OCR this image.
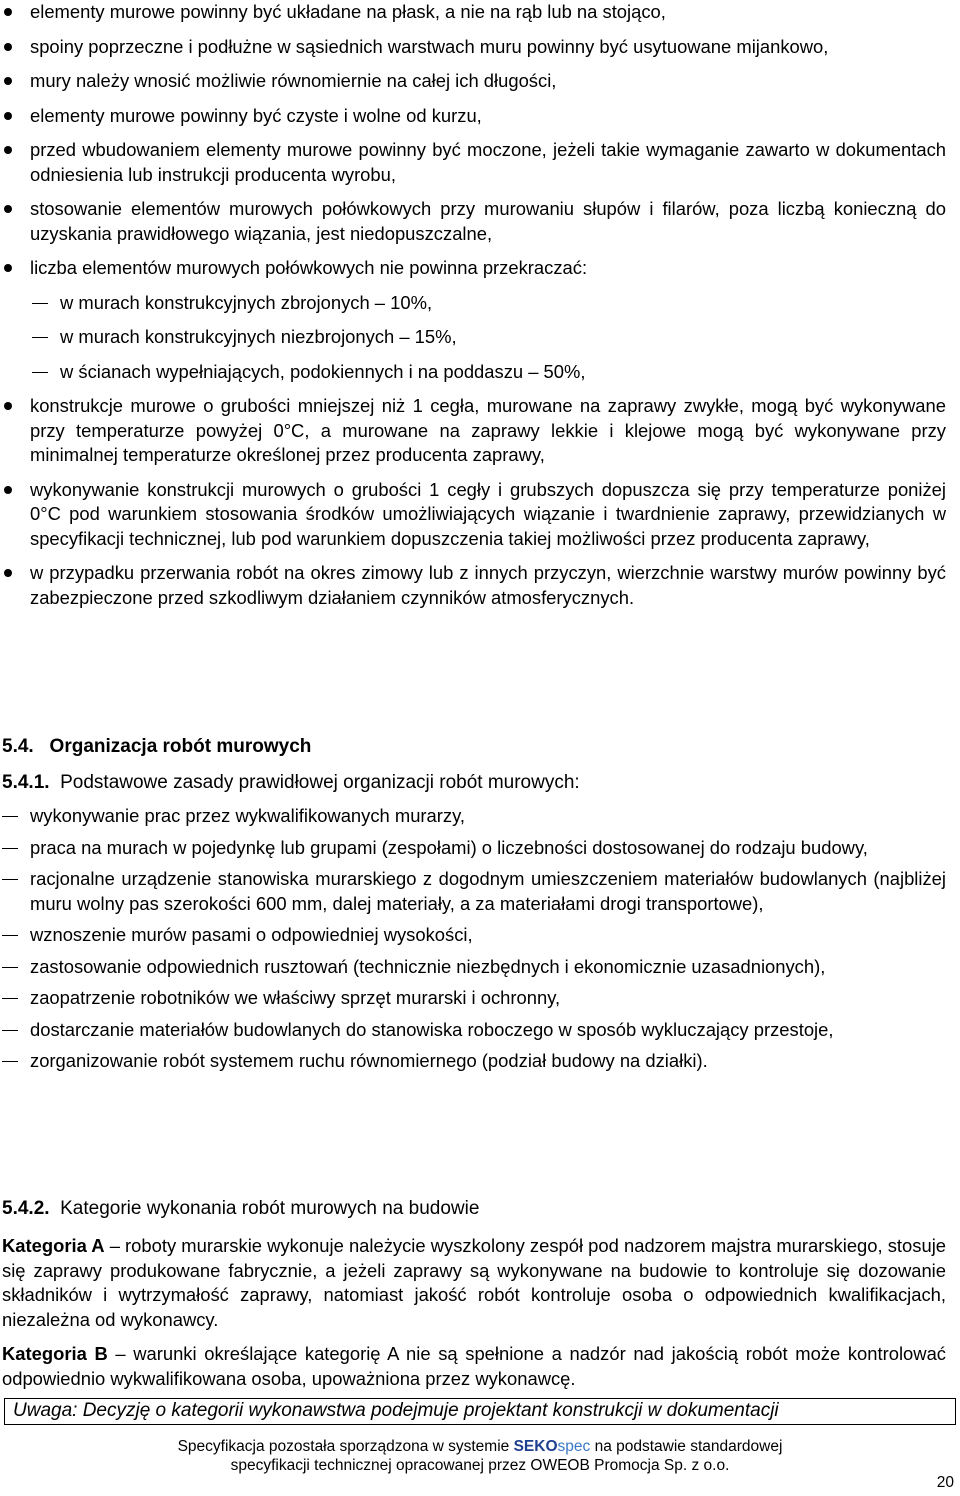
elementy murowe powinny być układane na płask, a nie na rąb lub na stojąco,
spoiny poprzeczne i podłużne w sąsiednich warstwach muru powinny być usytuowane mijankowo,
mury należy wnosić możliwie równomiernie na całej ich długości,
elementy murowe powinny być czyste i wolne od kurzu,
przed wbudowaniem elementy murowe powinny być moczone, jeżeli takie wymaganie zawarto w dokumentach odniesienia lub instrukcji producenta wyrobu,
stosowanie elementów murowych połówkowych przy murowaniu słupów i filarów, poza liczbą konieczną do uzyskania prawidłowego wiązania, jest niedopuszczalne,
liczba elementów murowych połówkowych nie powinna przekraczać:
w murach konstrukcyjnych zbrojonych – 10%,
w murach konstrukcyjnych niezbrojonych – 15%,
w ścianach wypełniających, podokiennych i na poddaszu – 50%,
konstrukcje murowe o grubości mniejszej niż 1 cegła, murowane na zaprawy zwykłe, mogą być wykonywane przy temperaturze powyżej 0°C, a murowane na zaprawy lekkie i klejowe mogą być wykonywane przy minimalnej temperaturze określonej przez producenta zaprawy,
wykonywanie konstrukcji murowych o grubości 1 cegły i grubszych dopuszcza się przy temperaturze poniżej 0°C pod warunkiem stosowania środków umożliwiających wiązanie i twardnienie zaprawy, przewidzianych w specyfikacji technicznej, lub pod warunkiem dopuszczenia takiej możliwości przez producenta zaprawy,
w przypadku przerwania robót na okres zimowy lub z innych przyczyn, wierzchnie warstwy murów powinny być zabezpieczone przed szkodliwym działaniem czynników atmosferycznych.
5.4. Organizacja robót murowych
5.4.1. Podstawowe zasady prawidłowej organizacji robót murowych:
wykonywanie prac przez wykwalifikowanych murarzy,
praca na murach w pojedynkę lub grupami (zespołami) o liczebności dostosowanej do rodzaju budowy,
racjonalne urządzenie stanowiska murarskiego z dogodnym umieszczeniem materiałów budowlanych (najbliżej muru wolny pas szerokości 600 mm, dalej materiały, a za materiałami drogi transportowe),
wznoszenie murów pasami o odpowiedniej wysokości,
zastosowanie odpowiednich rusztowań (technicznie niezbędnych i ekonomicznie uzasadnionych),
zaopatrzenie robotników we właściwy sprzęt murarski i ochronny,
dostarczanie materiałów budowlanych do stanowiska roboczego w sposób wykluczający przestoje,
zorganizowanie robót systemem ruchu równomiernego (podział budowy na działki).
5.4.2. Kategorie wykonania robót murowych na budowie
Kategoria A – roboty murarskie wykonuje należycie wyszkolony zespół pod nadzorem majstra murarskiego, stosuje się zaprawy produkowane fabrycznie, a jeżeli zaprawy są wykonywane na budowie to kontroluje się dozowanie składników i wytrzymałość zaprawy, natomiast jakość robót kontroluje osoba o odpowiednich kwalifikacjach, niezależna od wykonawcy.
Kategoria B – warunki określające kategorię A nie są spełnione a nadzór nad jakością robót może kontrolować odpowiednio wykwalifikowana osoba, upoważniona przez wykonawcę.
Uwaga: Decyzję o kategorii wykonawstwa podejmuje projektant konstrukcji w dokumentacji
Specyfikacja pozostała sporządzona w systemie SEKOspec na podstawie standardowej
specyfikacji technicznej opracowanej przez OWEOB Promocja Sp. z o.o.
20
